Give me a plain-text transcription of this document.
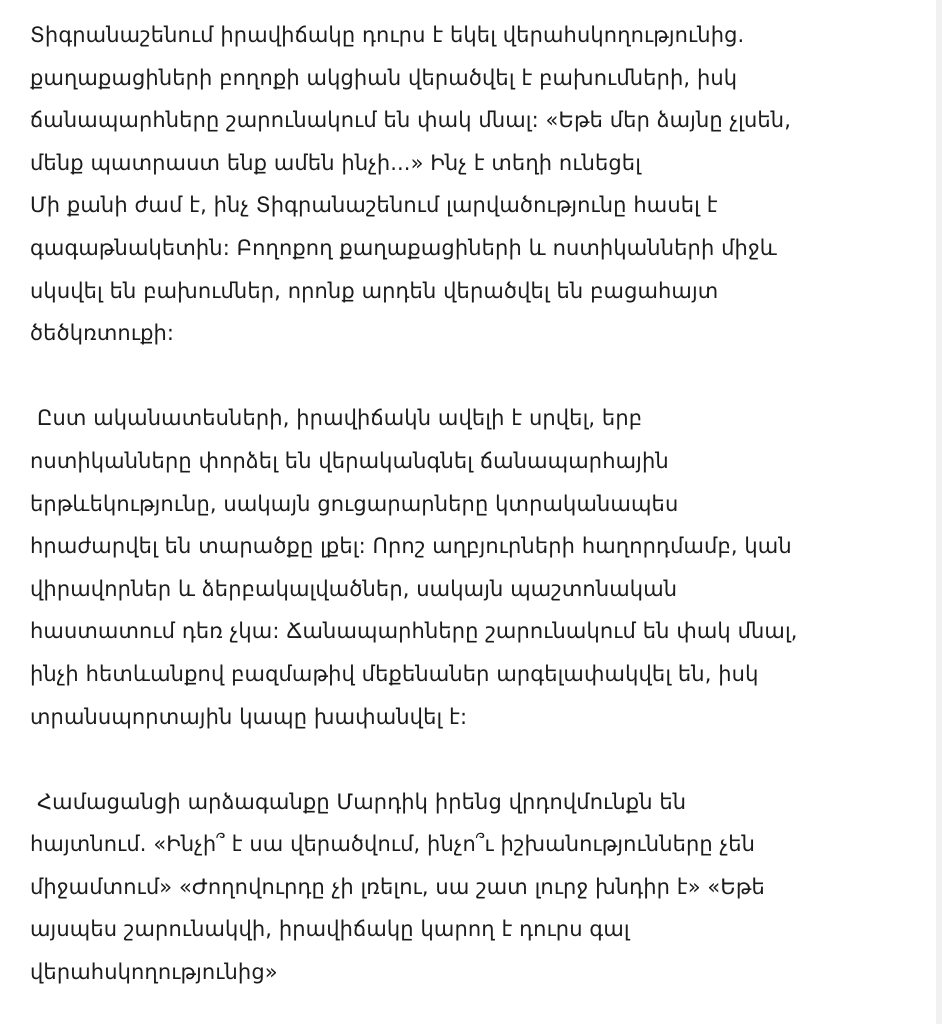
Տիգրանաշենում իրավիճակը դուրս է եկել վերահսկողությունից.
քաղաքացիների բողոքի ակցիան վերածվել է բախումների, իսկ
ճանապարհները շարունակում են փակ մնալ: «Եթե մեր ձայնը չլսեն,
մենք պատրաստ ենք ամեն ինչի...» Ինչ է տեղի ունեցել
Մի քանի ժամ է, ինչ Տիգրանաշենում լարվածությունը հասել է
գագաթնակետին: Բողոքող քաղաքացիների և ոստիկանների միջև
սկսվել են բախումներ, որոնք արդեն վերածվել են բացահայտ
ծեծկռտուքի:
Ըստ ականատեսների, իրավիճակն ավելի է սրվել, երբ
ոստիկանները փորձել են վերականգնել ճանապարհային
երթևեկությունը, սակայն ցուցարարները կտրականապես
հրաժարվել են տարածքը լքել: Որոշ աղբյուրների հաղորդմամբ, կան
վիրավորներ և ձերբակալվածներ, սակայն պաշտոնական
հաստատում դեռ չկա: Ճանապարհները շարունակում են փակ մնալ,
ինչի հետևանքով բազմաթիվ մեքենաներ արգելափակվել են, իսկ
տրանսպորտային կապը խափանվել է:
Համացանցի արձագանքը Մարդիկ իրենց վրդովմունքն են
հայտնում. «Ինչի՞ է սա վերածվում, ինչո՞ւ իշխանությունները չեն
միջամտում» «Ժողովուրդը չի լռելու, սա շատ լուրջ խնդիր է» «Եթե
այսպես շարունակվի, իրավիճակը կարող է դուրս գալ
վերահսկողությունից»
